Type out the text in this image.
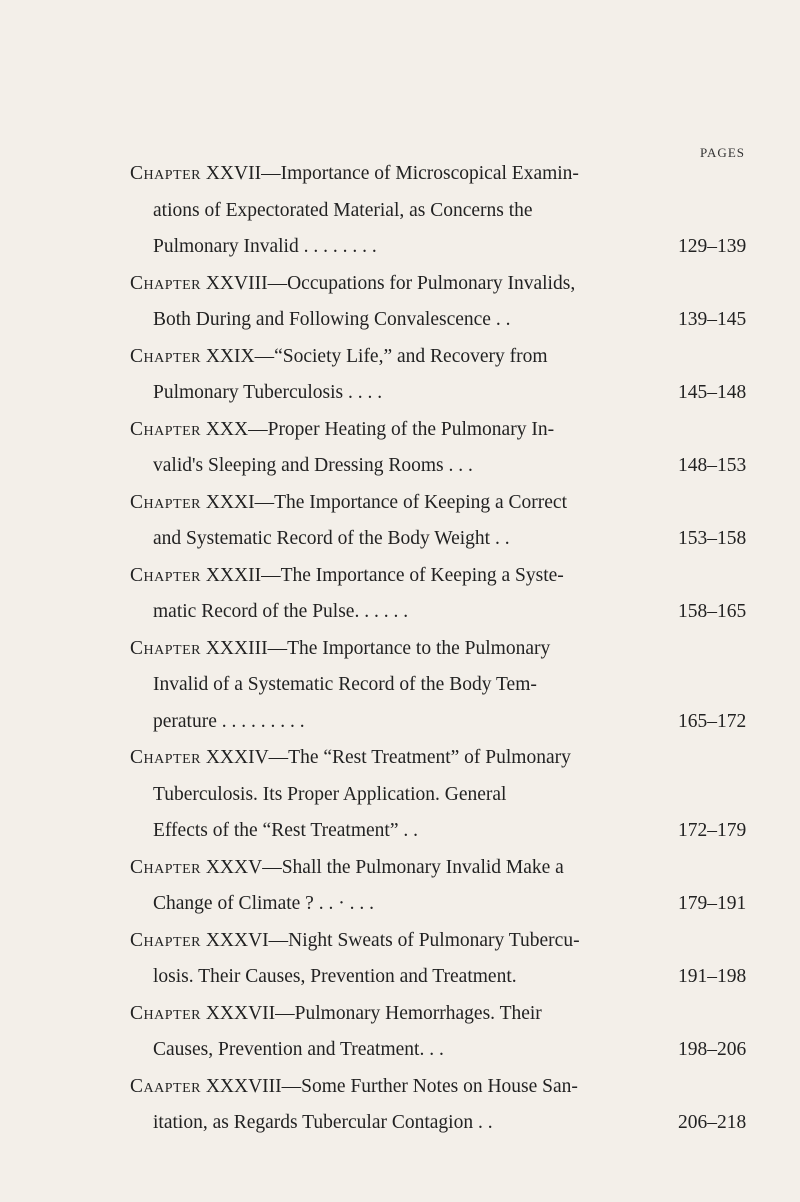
PAGES
Chapter XXVII—Importance of Microscopical Examin-
ations of Expectorated Material, as Concerns the
Pulmonary Invalid . . . . . . . .	129–139
Chapter XXVIII—Occupations for Pulmonary Invalids,
Both During and Following Convalescence . .	139–145
Chapter XXIX—“Society Life,” and Recovery from
Pulmonary Tuberculosis . . . .	145–148
Chapter XXX—Proper Heating of the Pulmonary In-
valid's Sleeping and Dressing Rooms . . .	148–153
Chapter XXXI—The Importance of Keeping a Correct
and Systematic Record of the Body Weight . .	153–158
Chapter XXXII—The Importance of Keeping a Syste-
matic Record of the Pulse. . . . . .	158–165
Chapter XXXIII—The Importance to the Pulmonary
Invalid of a Systematic Record of the Body Tem-
perature . . . . . . . . .	165–172
Chapter XXXIV—The “Rest Treatment” of Pulmonary
Tuberculosis. Its Proper Application. General
Effects of the “Rest Treatment” . .	172–179
Chapter XXXV—Shall the Pulmonary Invalid Make a
Change of Climate ? . . · . . .	179–191
Chapter XXXVI—Night Sweats of Pulmonary Tubercu-
losis. Their Causes, Prevention and Treatment.	191–198
Chapter XXXVII—Pulmonary Hemorrhages. Their
Causes, Prevention and Treatment. . .	198–206
Caapter XXXVIII—Some Further Notes on House San-
itation, as Regards Tubercular Contagion . .	206–218
